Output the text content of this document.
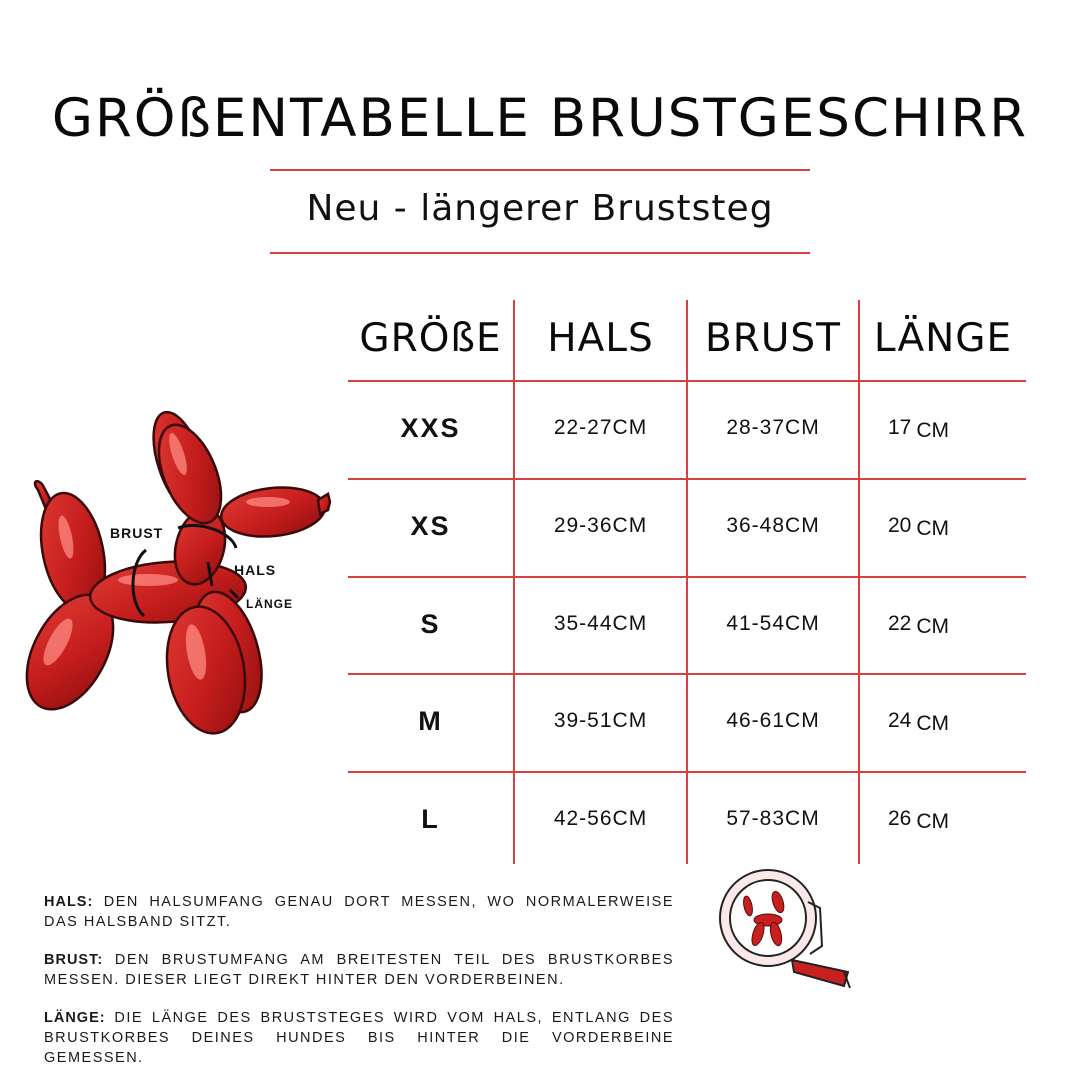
GRÖßENTABELLE BRUSTGESCHIRR
Neu - längerer Bruststeg
BRUST
HALS
LÄNGE
GRÖßE	HALS	BRUST LÄNGE
XXS	22-27CM	28-37CM	17 CM
XS	29-36CM	36-48CM	20 CM
S	35-44CM	41-54CM	22 CM
M	39-51CM	46-61CM	24 CM
L	42-56CM	57-83CM	26 CM
HALS: DEN HALSUMFANG GENAU DORT MESSEN, WO NORMALERWEISE DAS HALSBAND SITZT.
BRUST: DEN BRUSTUMFANG AM BREITESTEN TEIL DES BRUSTKORBES MESSEN. DIESER LIEGT DIREKT HINTER DEN VORDERBEINEN.
LÄNGE: DIE LÄNGE DES BRUSTSTEGES WIRD VOM HALS, ENTLANG DES BRUSTKORBES DEINES HUNDES BIS HINTER DIE VORDERBEINE GEMESSEN.
